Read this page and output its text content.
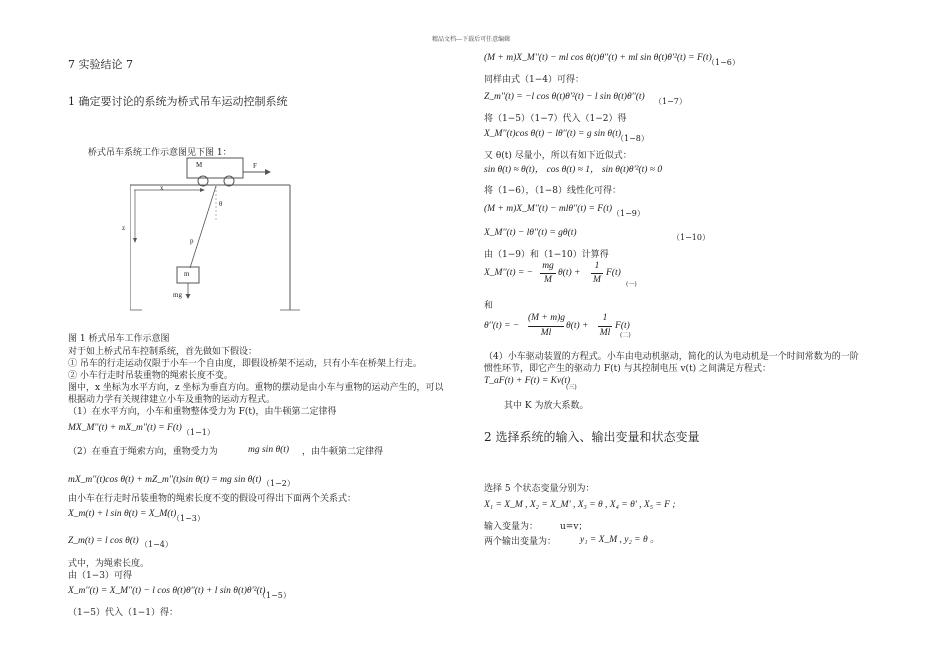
精品文档---下载后可任意编辑
7 实验结论 7
1 确定要讨论的系统为桥式吊车运动控制系统
桥式吊车系统工作示意图见下图 1：
M	F
x
z
θ
p
m
mg
图 1 桥式吊车工作示意图
对于如上桥式吊车控制系统，首先做如下假设：
① 吊车的行走运动仅限于小车一个自由度，即假设桥架不运动，只有小车在桥架上行走。
② 小车行走时吊装重物的绳索长度不变。
图中，x 坐标为水平方向，z 坐标为垂直方向。重物的摆动是由小车与重物的运动产生的，可以
根据动力学有关规律建立小车及重物的运动方程式。
（1）在水平方向，小车和重物整体受力为 F(t)，由牛顿第二定律得
MX_M''(t) + mX_m''(t) = F(t) （1−1）
（2）在垂直于绳索方向，重物受力为	mg sin θ(t) ，由牛顿第二定律得
mX_m''(t)cos θ(t) + mZ_m''(t)sin θ(t) = mg sin θ(t) （1−2）
由小车在行走时吊装重物的绳索长度不变的假设可得出下面两个关系式：
X_m(t) + l sin θ(t) = X_M(t)
（1−3）
Z_m(t) = l cos θ(t) （1−4）
式中，为绳索长度。
由（1−3）可得
X_m''(t) = X_M''(t) − l cos θ(t)θ''(t) + l sin θ(t)θ'²(t)
（1−5）
（1−5）代入（1−1）得：
(M + m)X_M''(t) − ml cos θ(t)θ''(t) + ml sin θ(t)θ'²(t) = F(t)
（1−6）
同样由式（1−4）可得：
Z_m''(t) = −l cos θ(t)θ'²(t) − l sin θ(t)θ''(t) （1−7）
将（1−5）（1−7）代入（1−2）得
X_M''(t)cos θ(t) − lθ''(t) = g sin θ(t)
（1−8）
又 θ(t) 尽量小，所以有如下近似式：
sin θ(t) ≈ θ(t)， cos θ(t) ≈ 1， sin θ(t)θ'²(t) ≈ 0
将（1−6），（1−8）线性化可得：
(M + m)X_M''(t) − mlθ''(t) = F(t) （1−9）
X_M''(t) − lθ''(t) = gθ(t)	（1−10）
由（1−9）和（1−10）计算得
X_M''(t) = −
mg
M
θ(t) +
1
M
F(t)
(一)
和
θ''(t) = −
(M + m)g
Ml
θ(t) +
1
Ml
F(t)
(二)
（4）小车驱动装置的方程式。小车由电动机驱动，简化的认为电动机是一个时间常数为的一阶
惯性环节，即它产生的驱动力 F(t) 与其控制电压 v(t) 之间满足方程式：
T_aF(t) + F(t) = Kv(t)
(三)
其中 K 为放大系数。
2 选择系统的输入、输出变量和状态变量
选择 5 个状态变量分别为：
X₁ = X_M , X₂ = X_M' , X₃ = θ , X₄ = θ' , X₅ = F ;
输入变量为： u=v；
两个输出变量为：	y₁ = X_M , y₂ = θ 。
